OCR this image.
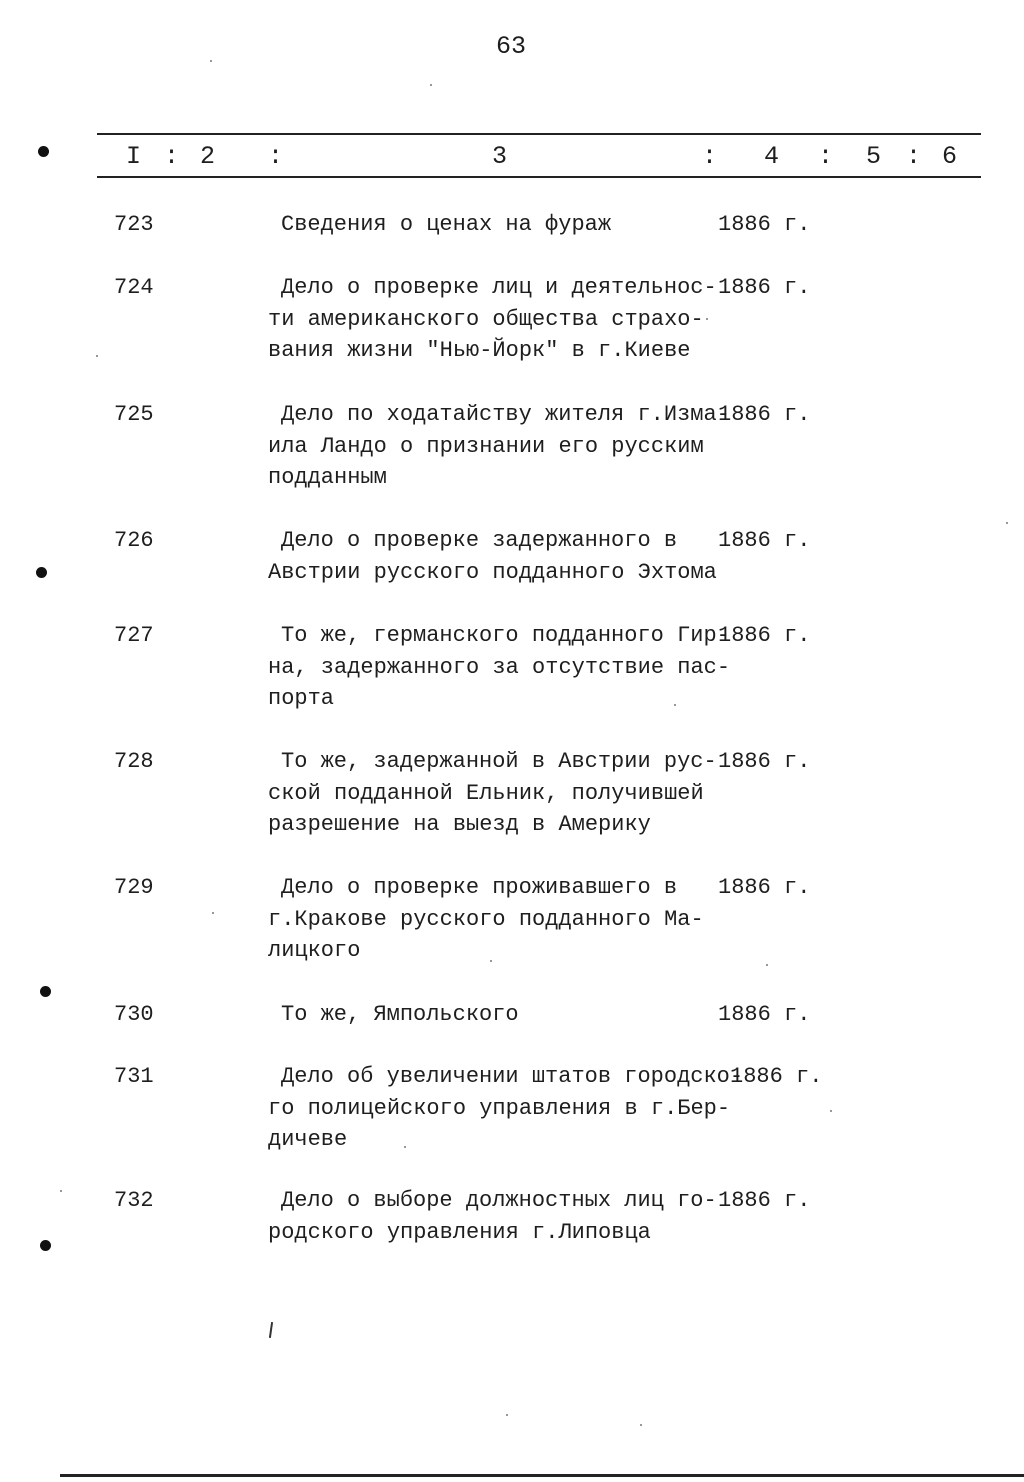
63
I : 2 :	3	: 4 : 5 : 6
723	Сведения о ценах на фураж	1886 г.
724	Дело о проверке лиц и деятельнос-
ти американского общества страхо-
вания жизни "Нью-Йорк" в г.Киеве
1886 г.
725	Дело по ходатайству жителя г.Изма-
ила Ландо о признании его русским
подданным
1886 г.
726	Дело о проверке задержанного в
Австрии русского подданного Эхтома
1886 г.
727	То же, германского подданного Гир-
на, задержанного за отсутствие пас-
порта
1886 г.
728	То же, задержанной в Австрии рус-
ской подданной Ельник, получившей
разрешение на выезд в Америку
1886 г.
729	Дело о проверке проживавшего в
г.Кракове русского подданного Ма-
лицкого
1886 г.
730	То же, Ямпольского	1886 г.
731	Дело об увеличении штатов городско-
го полицейского управления в г.Бер-
дичеве
1886 г.
732	Дело о выборе должностных лиц го-
родского управления г.Липовца
1886 г.
